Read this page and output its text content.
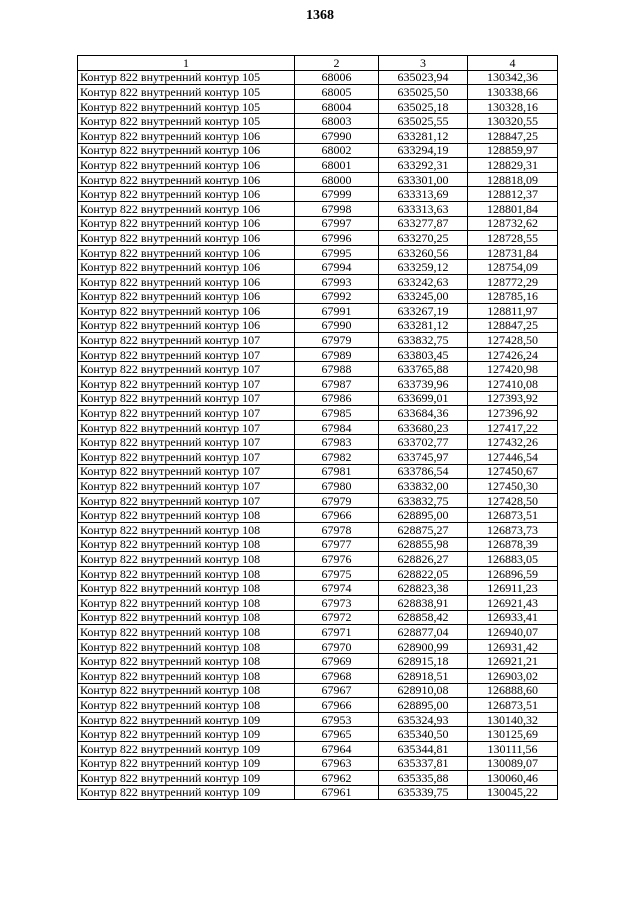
1368
1	2	3	4
Контур 822 внутренний контур 105	68006	635023,94	130342,36
Контур 822 внутренний контур 105	68005	635025,50	130338,66
Контур 822 внутренний контур 105	68004	635025,18	130328,16
Контур 822 внутренний контур 105	68003	635025,55	130320,55
Контур 822 внутренний контур 106	67990	633281,12	128847,25
Контур 822 внутренний контур 106	68002	633294,19	128859,97
Контур 822 внутренний контур 106	68001	633292,31	128829,31
Контур 822 внутренний контур 106	68000	633301,00	128818,09
Контур 822 внутренний контур 106	67999	633313,69	128812,37
Контур 822 внутренний контур 106	67998	633313,63	128801,84
Контур 822 внутренний контур 106	67997	633277,87	128732,62
Контур 822 внутренний контур 106	67996	633270,25	128728,55
Контур 822 внутренний контур 106	67995	633260,56	128731,84
Контур 822 внутренний контур 106	67994	633259,12	128754,09
Контур 822 внутренний контур 106	67993	633242,63	128772,29
Контур 822 внутренний контур 106	67992	633245,00	128785,16
Контур 822 внутренний контур 106	67991	633267,19	128811,97
Контур 822 внутренний контур 106	67990	633281,12	128847,25
Контур 822 внутренний контур 107	67979	633832,75	127428,50
Контур 822 внутренний контур 107	67989	633803,45	127426,24
Контур 822 внутренний контур 107	67988	633765,88	127420,98
Контур 822 внутренний контур 107	67987	633739,96	127410,08
Контур 822 внутренний контур 107	67986	633699,01	127393,92
Контур 822 внутренний контур 107	67985	633684,36	127396,92
Контур 822 внутренний контур 107	67984	633680,23	127417,22
Контур 822 внутренний контур 107	67983	633702,77	127432,26
Контур 822 внутренний контур 107	67982	633745,97	127446,54
Контур 822 внутренний контур 107	67981	633786,54	127450,67
Контур 822 внутренний контур 107	67980	633832,00	127450,30
Контур 822 внутренний контур 107	67979	633832,75	127428,50
Контур 822 внутренний контур 108	67966	628895,00	126873,51
Контур 822 внутренний контур 108	67978	628875,27	126873,73
Контур 822 внутренний контур 108	67977	628855,98	126878,39
Контур 822 внутренний контур 108	67976	628826,27	126883,05
Контур 822 внутренний контур 108	67975	628822,05	126896,59
Контур 822 внутренний контур 108	67974	628823,38	126911,23
Контур 822 внутренний контур 108	67973	628838,91	126921,43
Контур 822 внутренний контур 108	67972	628858,42	126933,41
Контур 822 внутренний контур 108	67971	628877,04	126940,07
Контур 822 внутренний контур 108	67970	628900,99	126931,42
Контур 822 внутренний контур 108	67969	628915,18	126921,21
Контур 822 внутренний контур 108	67968	628918,51	126903,02
Контур 822 внутренний контур 108	67967	628910,08	126888,60
Контур 822 внутренний контур 108	67966	628895,00	126873,51
Контур 822 внутренний контур 109	67953	635324,93	130140,32
Контур 822 внутренний контур 109	67965	635340,50	130125,69
Контур 822 внутренний контур 109	67964	635344,81	130111,56
Контур 822 внутренний контур 109	67963	635337,81	130089,07
Контур 822 внутренний контур 109	67962	635335,88	130060,46
Контур 822 внутренний контур 109	67961	635339,75	130045,22
